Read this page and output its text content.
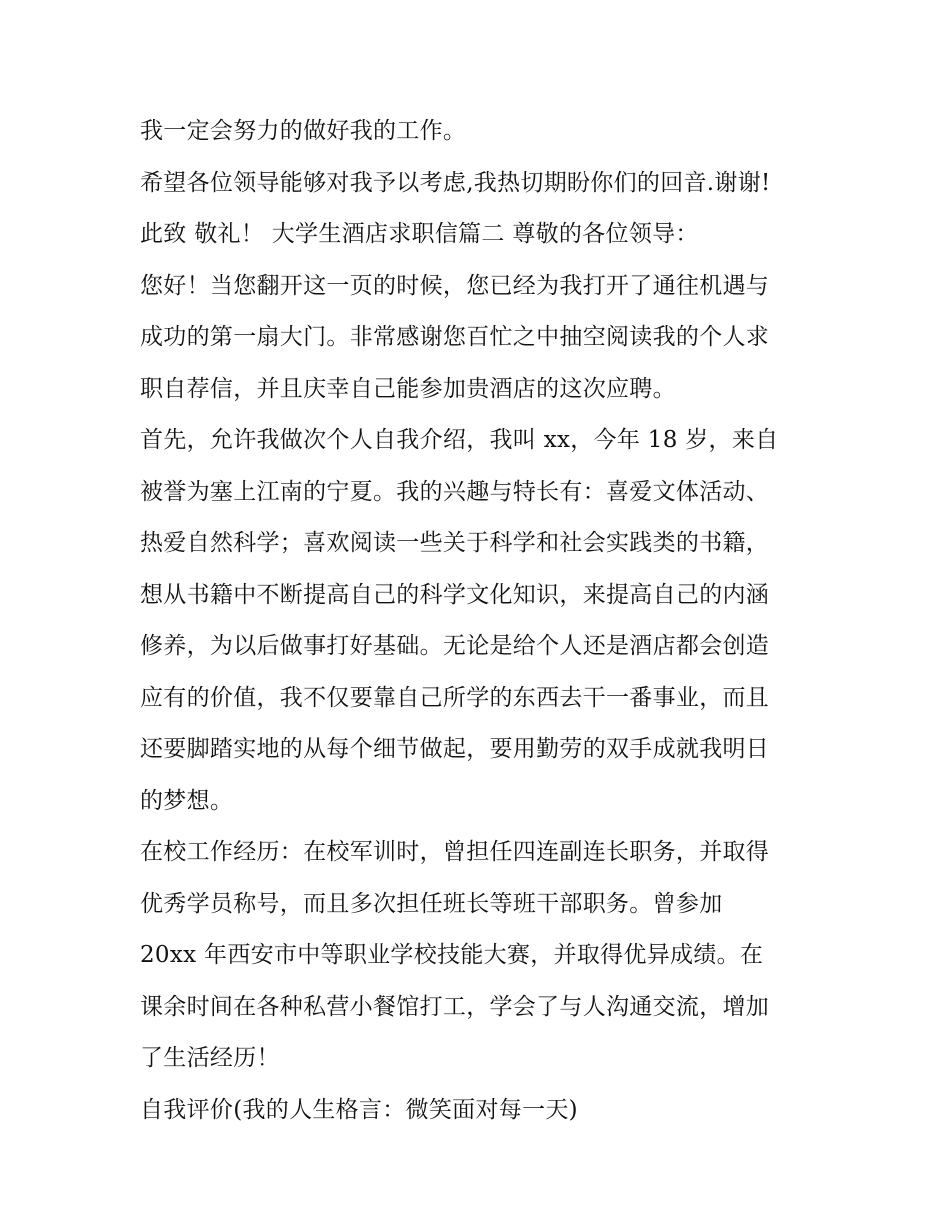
我一定会努力的做好我的工作。
希望各位领导能够对我予以考虑,我热切期盼你们的回音.谢谢!
此致 敬礼！ 大学生酒店求职信篇二 尊敬的各位领导：
您好！当您翻开这一页的时候，您已经为我打开了通往机遇与
成功的第一扇大门。非常感谢您百忙之中抽空阅读我的个人求
职自荐信，并且庆幸自己能参加贵酒店的这次应聘。
首先，允许我做次个人自我介绍，我叫 xx，今年 18 岁，来自
被誉为塞上江南的宁夏。我的兴趣与特长有：喜爱文体活动、
热爱自然科学；喜欢阅读一些关于科学和社会实践类的书籍，
想从书籍中不断提高自己的科学文化知识，来提高自己的内涵
修养，为以后做事打好基础。无论是给个人还是酒店都会创造
应有的价值，我不仅要靠自己所学的东西去干一番事业，而且
还要脚踏实地的从每个细节做起，要用勤劳的双手成就我明日
的梦想。
在校工作经历：在校军训时，曾担任四连副连长职务，并取得
优秀学员称号，而且多次担任班长等班干部职务。曾参加
20xx 年西安市中等职业学校技能大赛，并取得优异成绩。在
课余时间在各种私营小餐馆打工，学会了与人沟通交流，增加
了生活经历！
自我评价(我的人生格言：微笑面对每一天)
